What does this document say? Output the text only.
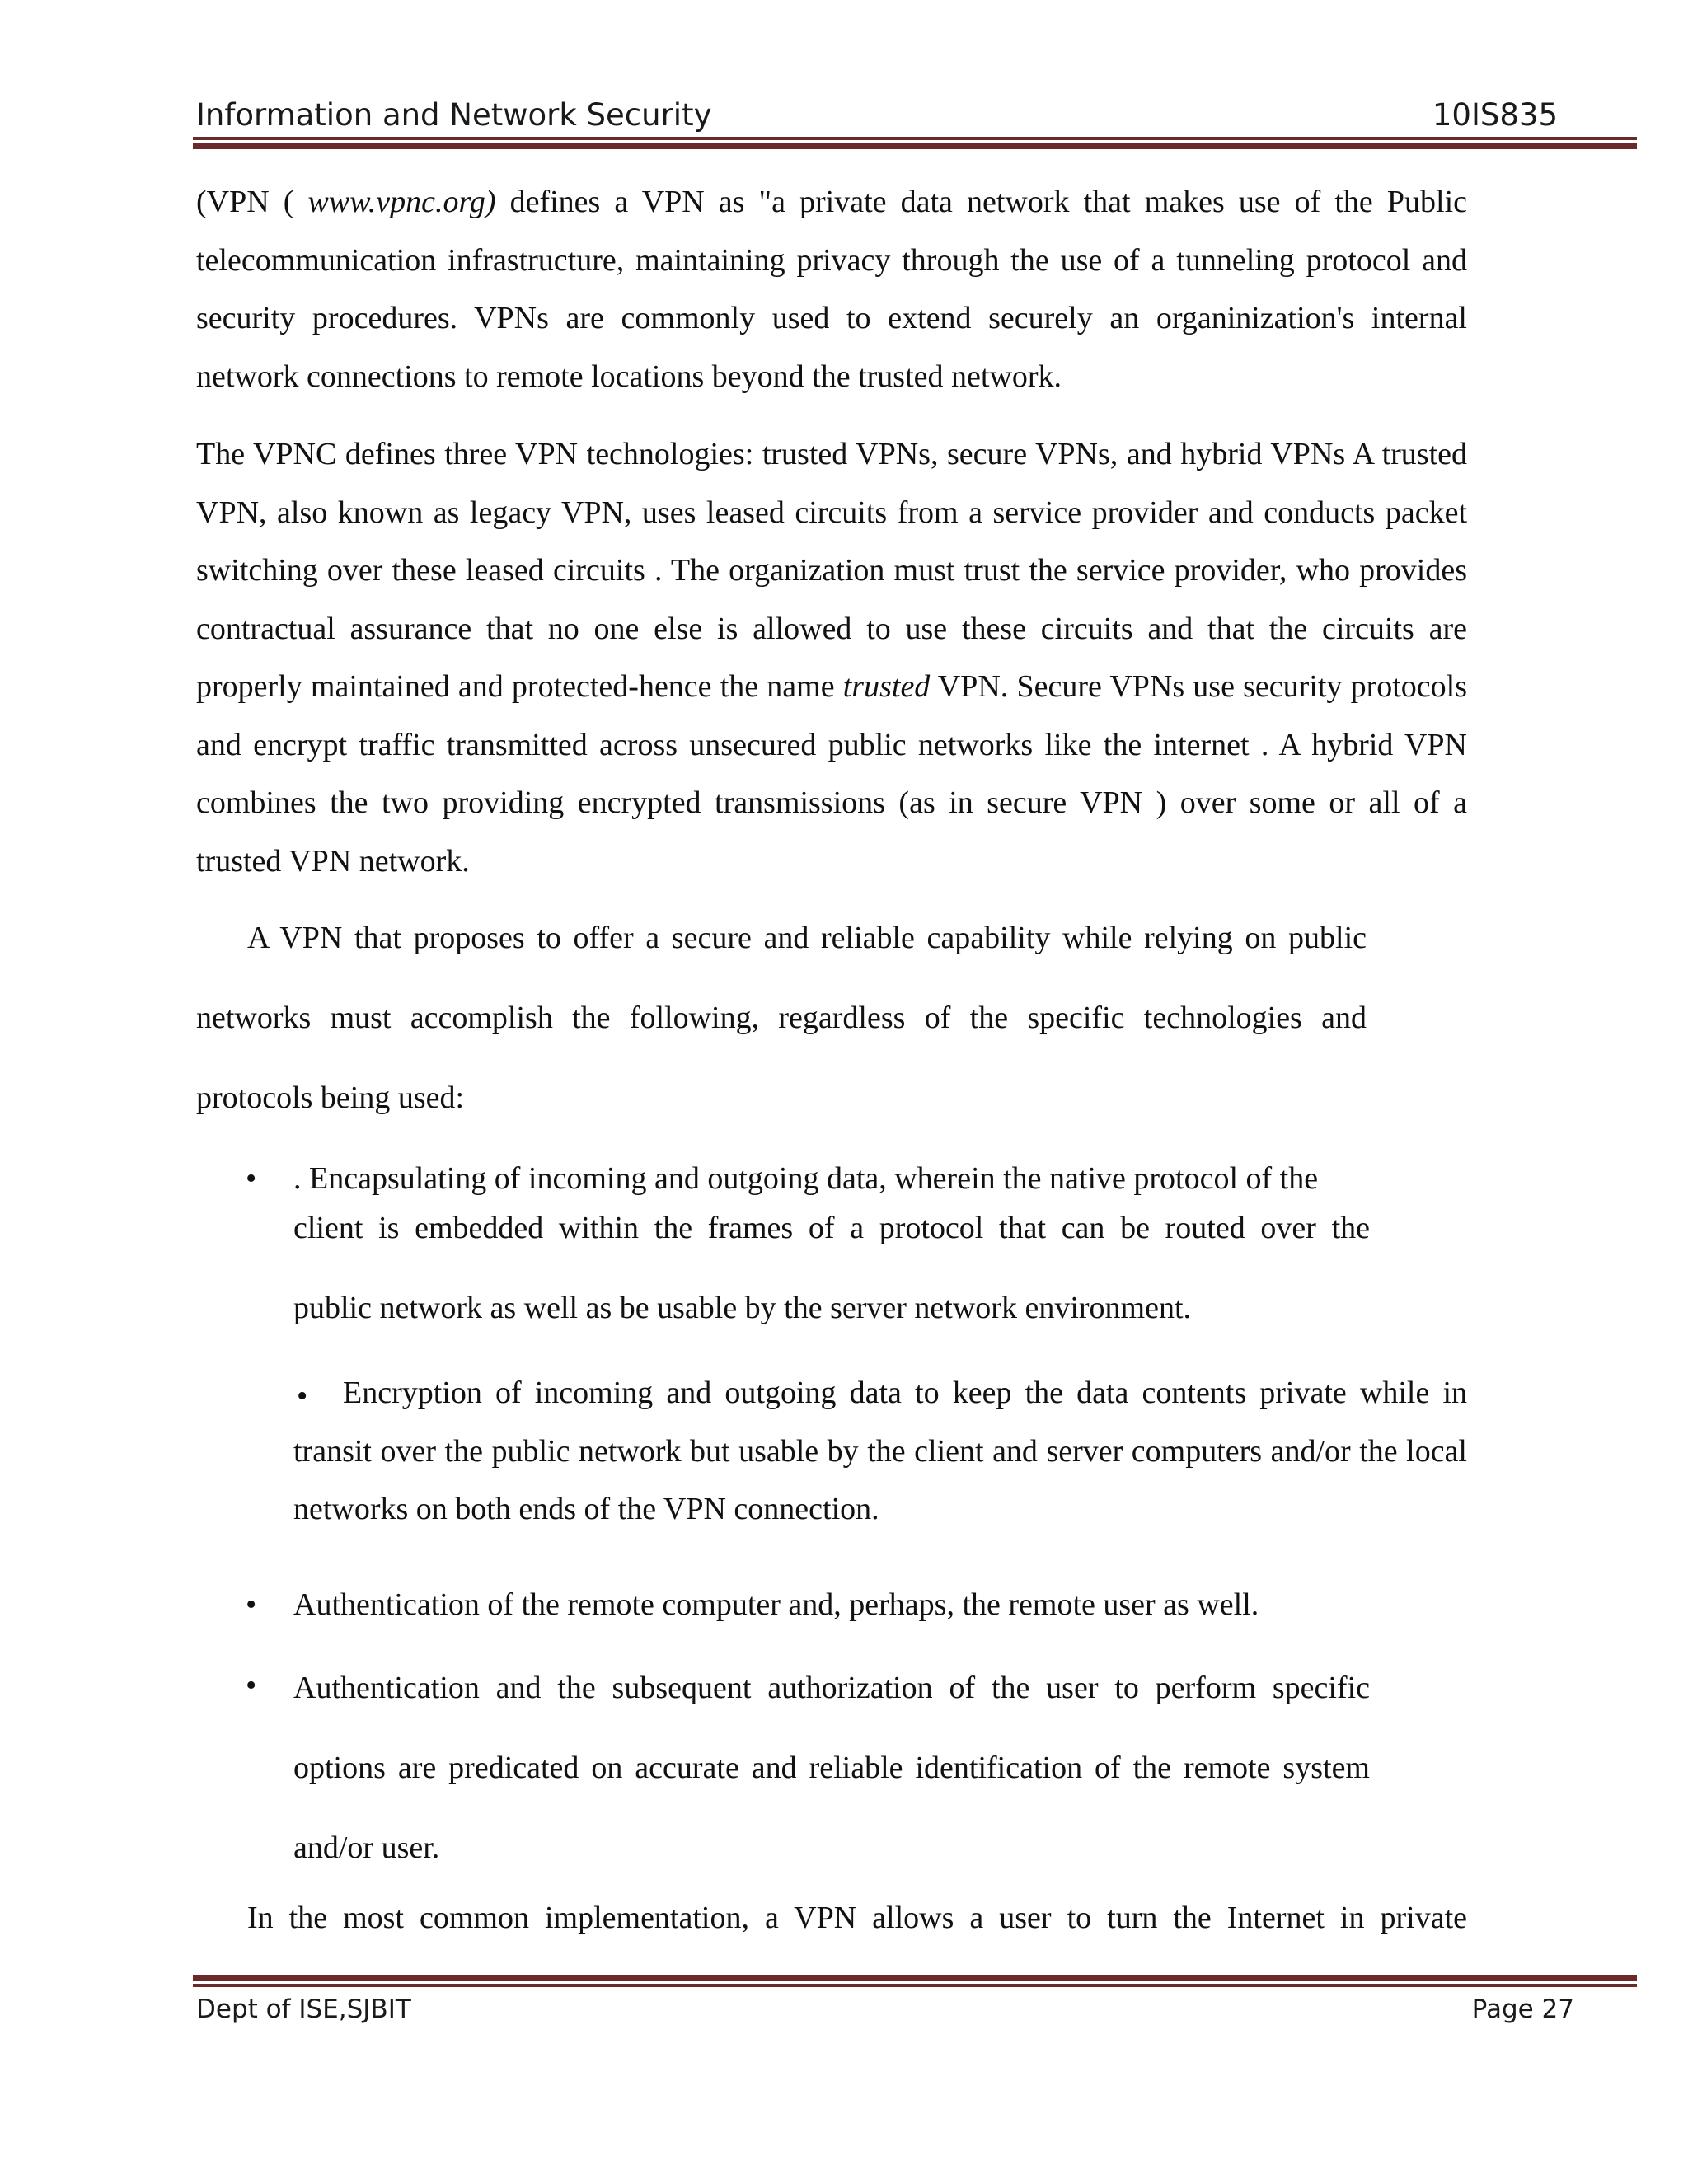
Information and Network Security	10IS835

(VPN ( www.vpnc.org) defines a VPN as "a private data network that makes use of the Public telecommunication infrastructure, maintaining privacy through the use of a tunneling protocol and security procedures. VPNs are commonly used to extend securely an organinization's internal network connections to remote locations beyond the trusted network.

The VPNC defines three VPN technologies: trusted VPNs, secure VPNs, and hybrid VPNs A trusted VPN, also known as legacy VPN, uses leased circuits from a service provider and conducts packet switching over these leased circuits . The organization must trust the service provider, who provides contractual assurance that no one else is allowed to use these circuits and that the circuits are properly maintained and protected-hence the name trusted VPN. Secure VPNs use security protocols and encrypt traffic transmitted across unsecured public networks like the internet . A hybrid VPN combines the two providing encrypted transmissions (as in secure VPN ) over some or all of a trusted VPN network.

A VPN that proposes to offer a secure and reliable capability while relying on public networks must accomplish the following, regardless of the specific technologies and protocols being used:

• . Encapsulating of incoming and outgoing data, wherein the native protocol of the

client is embedded within the frames of a protocol that can be routed over the

public network as well as be usable by the server network environment.

•	Encryption of incoming and outgoing data to keep the data contents private while in transit over the public network but usable by the client and server computers and/or the local networks on both ends of the VPN connection.

• Authentication of the remote computer and, perhaps, the remote user as well.

• Authentication and the subsequent authorization of the user to perform specific options are predicated on accurate and reliable identification of the remote system and/or user.

In the most common implementation, a VPN allows a user to turn the Internet in private

Dept of ISE,SJBIT	Page 27
